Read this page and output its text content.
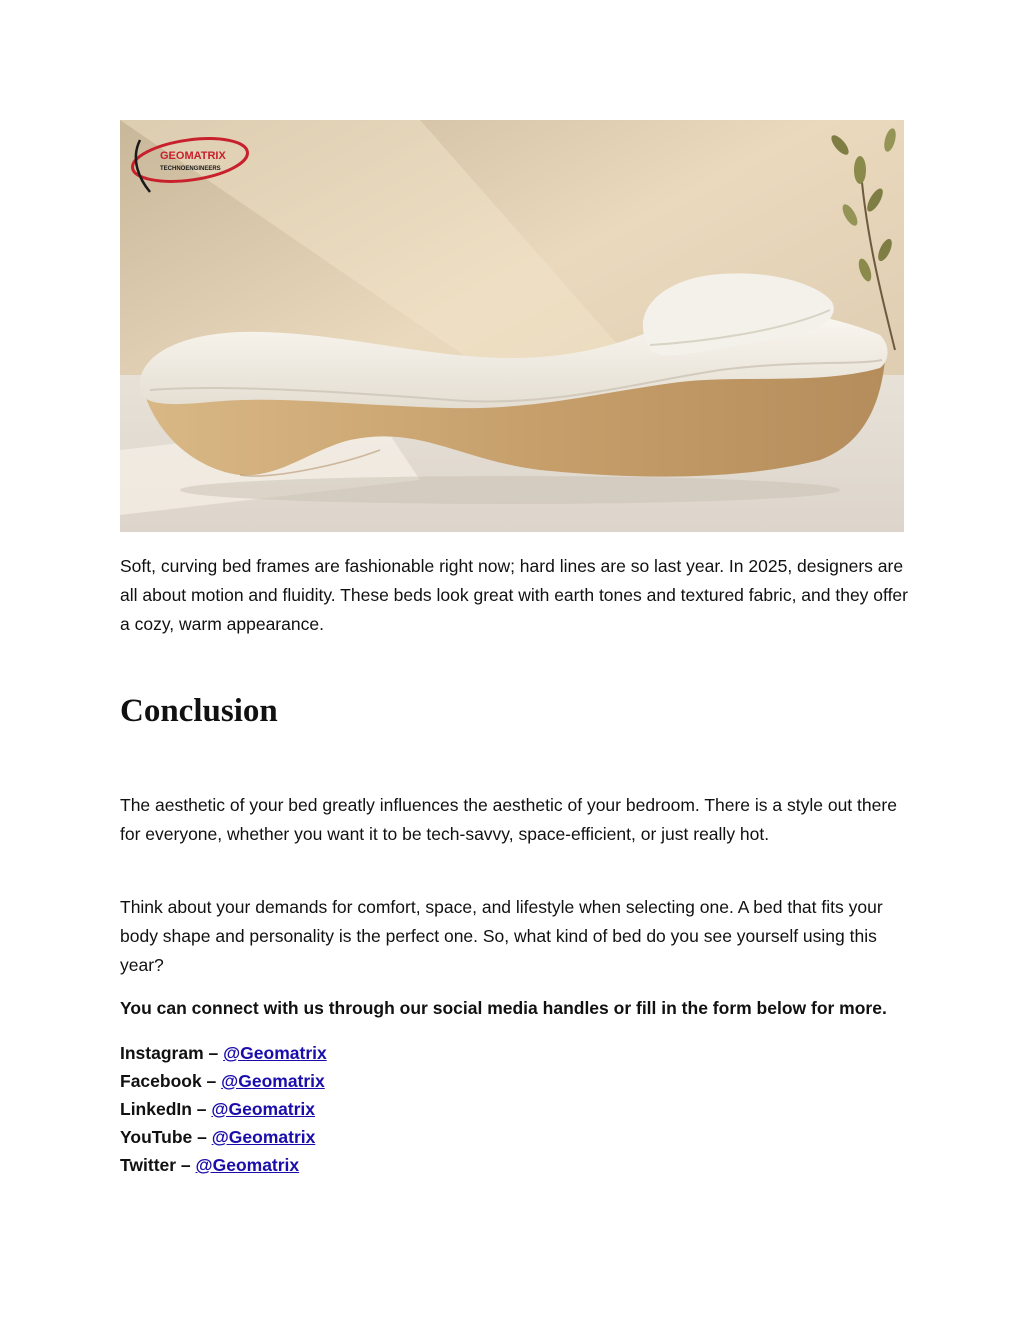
GEOMATRIX
TECHNOENGINEERS

Soft, curving bed frames are fashionable right now; hard lines are so last year. In 2025, designers are all about motion and fluidity. These beds look great with earth tones and textured fabric, and they offer a cozy, warm appearance.

Conclusion

The aesthetic of your bed greatly influences the aesthetic of your bedroom. There is a style out there for everyone, whether you want it to be tech-savvy, space-efficient, or just really hot.

Think about your demands for comfort, space, and lifestyle when selecting one. A bed that fits your body shape and personality is the perfect one. So, what kind of bed do you see yourself using this year?

You can connect with us through our social media handles or fill in the form below for more.

Instagram – @Geomatrix
Facebook – @Geomatrix
LinkedIn – @Geomatrix
YouTube – @Geomatrix
Twitter – @Geomatrix
